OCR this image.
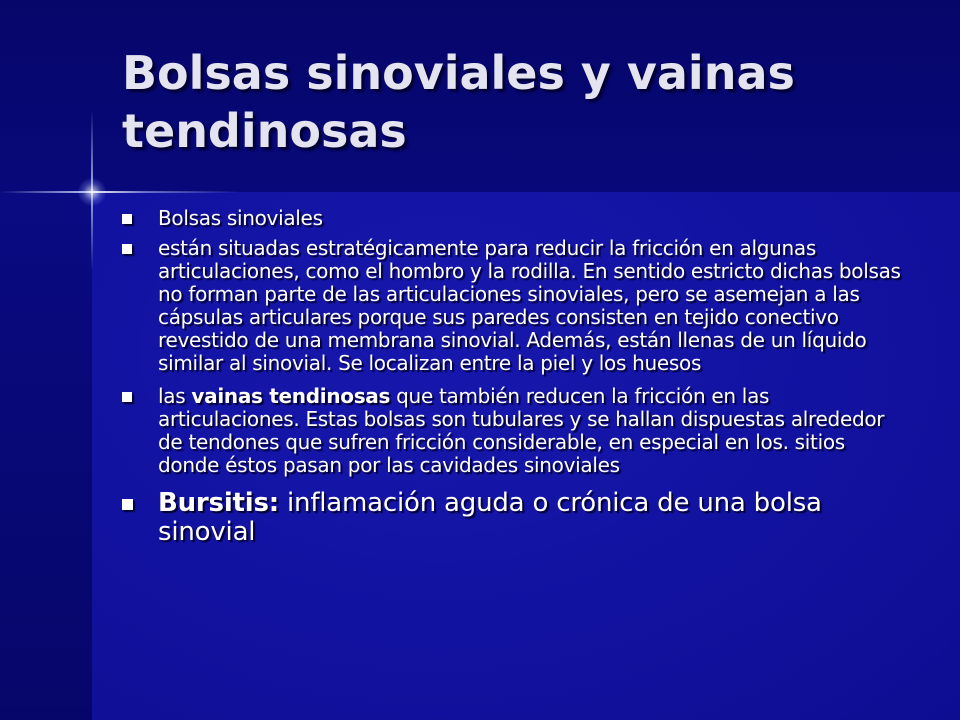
Bolsas sinoviales y vainas tendinosas
Bolsas sinoviales
están situadas estratégicamente para reducir la fricción en algunas articulaciones, como el hombro y la rodilla. En sentido estricto dichas bolsas no forman parte de las articulaciones sinoviales, pero se asemejan a las cápsulas articulares porque sus paredes consisten en tejido conectivo revestido de una membrana sinovial. Además, están llenas de un líquido similar al sinovial. Se localizan entre la piel y los huesos
las vainas tendinosas que también reducen la fricción en las articulaciones. Estas bolsas son tubulares y se hallan dispuestas alrededor de tendones que sufren fricción considerable, en especial en los. sitios donde éstos pasan por las cavidades sinoviales
Bursitis: inflamación aguda o crónica de una bolsa sinovial
